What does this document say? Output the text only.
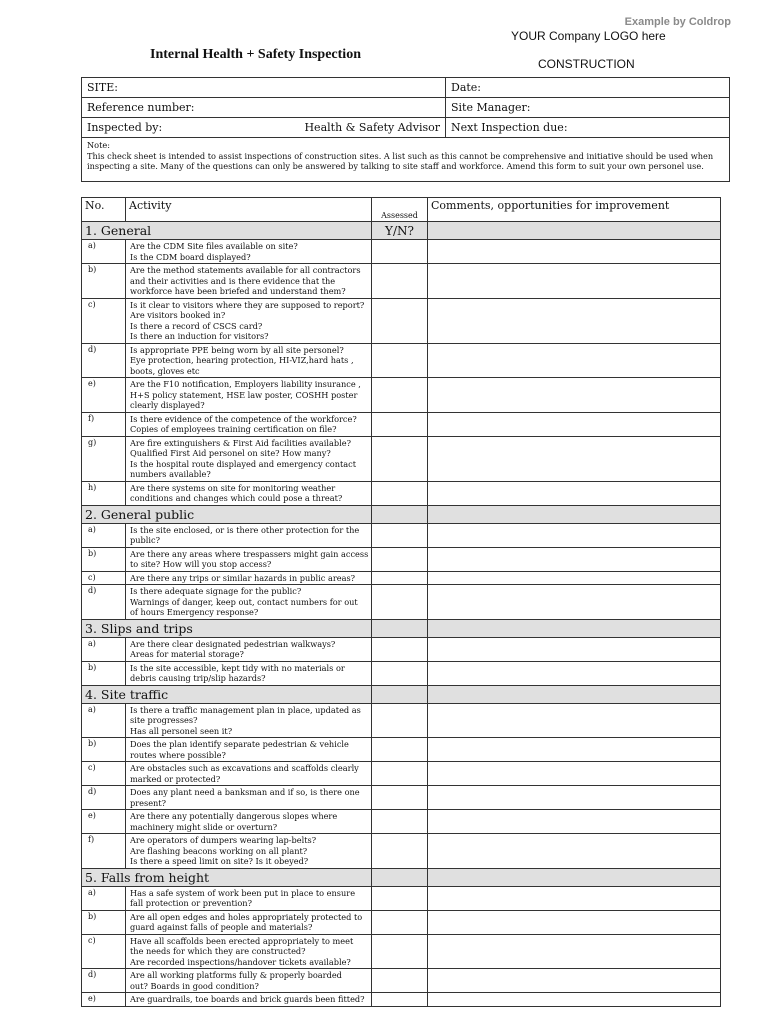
Example by Coldrop
YOUR Company LOGO here
Internal Health + Safety Inspection
CONSTRUCTION
SITE:	Date:
Reference number:	Site Manager:

Inspected by: Health & Safety Advisor	Next Inspection due:

Note:
This check sheet is intended to assist inspections of construction sites. A list such as this cannot be comprehensive and initiative should be used when
inspecting a site. Many of the questions can only be answered by talking to site staff and workforce. Amend this form to suit your own personel use.	
No.	Activity	Assessed	Comments, opportunities for improvement
1. General		Y/N?	
a)	Are the CDM Site files available on site?
Is the CDM board displayed?		

b)	Are the method statements available for all contractors
and their activities and is there evidence that the
workforce have been briefed and understand them?		

c)	Is it clear to visitors where they are supposed to report?
Are visitors booked in?
Is there a record of CSCS card?
Is there an induction for visitors?		

d)	Is appropriate PPE being worn by all site personel?
Eye protection, hearing protection, HI-VIZ,hard hats ,
boots, gloves etc		

e)	Are the F10 notification, Employers liability insurance ,
H+S policy statement, HSE law poster, COSHH poster
clearly displayed?		

f)	Is there evidence of the competence of the workforce?
Copies of employees training certification on file?		

g)	Are fire extinguishers & First Aid facilities available?
Qualified First Aid personel on site? How many?
Is the hospital route displayed and emergency contact
numbers available?		

h)	Are there systems on site for monitoring weather
conditions and changes which could pose a threat?		

2. General public			
a)	Is the site enclosed, or is there other protection for the
public?		

b)	Are there any areas where trespassers might gain access
to site? How will you stop access?		

c)	Are there any trips or similar hazards in public areas?		

d)	Is there adequate signage for the public?
Warnings of danger, keep out, contact numbers for out
of hours Emergency response?		

3. Slips and trips			
a)	Are there clear designated pedestrian walkways?
Areas for material storage?		

b)	Is the site accessible, kept tidy with no materials or
debris causing trip/slip hazards?		

4. Site traffic			
a)	Is there a traffic management plan in place, updated as
site progresses?
Has all personel seen it?		

b)	Does the plan identify separate pedestrian & vehicle
routes where possible?		

c)	Are obstacles such as excavations and scaffolds clearly
marked or protected?		

d)	Does any plant need a banksman and if so, is there one
present?		

e)	Are there any potentially dangerous slopes where
machinery might slide or overturn?		

f)	Are operators of dumpers wearing lap-belts?
Are flashing beacons working on all plant?
Is there a speed limit on site? Is it obeyed?		

5. Falls from height			
a)	Has a safe system of work been put in place to ensure
fall protection or prevention?		

b)	Are all open edges and holes appropriately protected to
guard against falls of people and materials?		

c)	Have all scaffolds been erected appropriately to meet
the needs for which they are constructed?
Are recorded inspections/handover tickets available?		

d)	Are all working platforms fully & properly boarded
out? Boards in good condition?		

e)	Are guardrails, toe boards and brick guards been fitted?		
